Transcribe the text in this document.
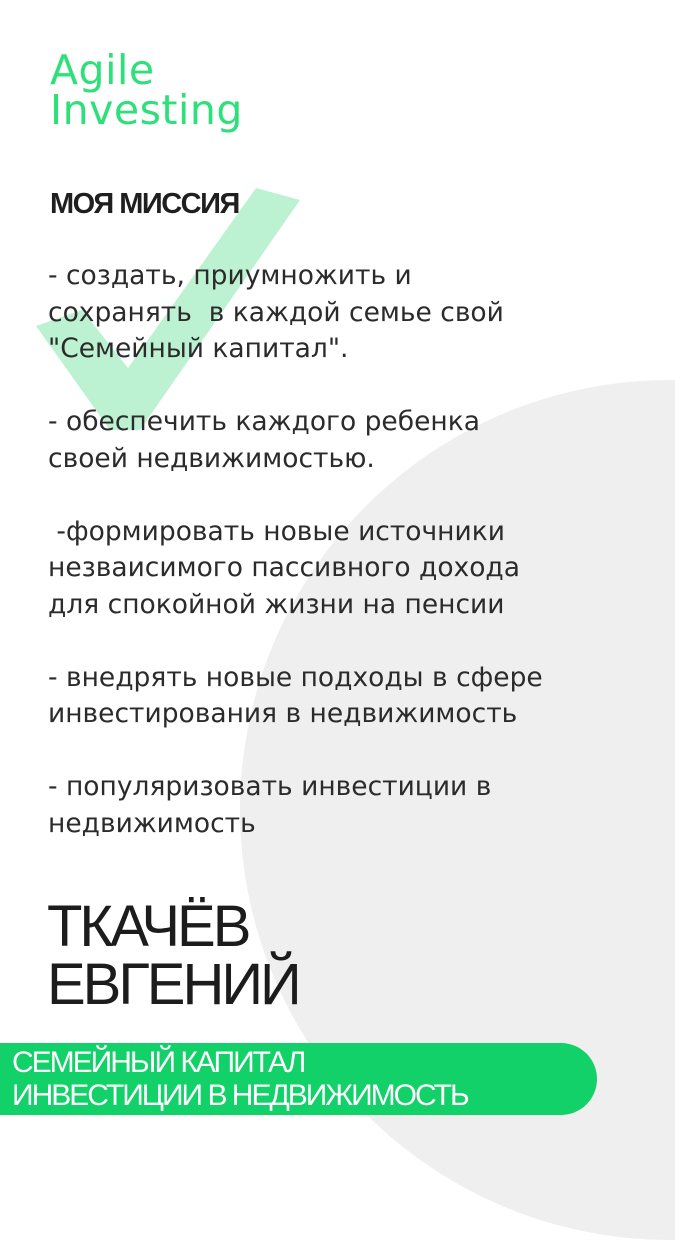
Agile
Investing
МОЯ МИССИЯ
- создать, приумножить и
сохранять  в каждой семье свой
"Семейный капитал".
- обеспечить каждого ребенка
своей недвижимостью.
-формировать новые источники
незваисимого пассивного дохода
для спокойной жизни на пенсии
- внедрять новые подходы в сфере
инвестирования в недвижимость
- популяризовать инвестиции в
недвижимость
ТКАЧЁВ
ЕВГЕНИЙ
СЕМЕЙНЫЙ КАПИТАЛ
ИНВЕСТИЦИИ В НЕДВИЖИМОСТЬ
